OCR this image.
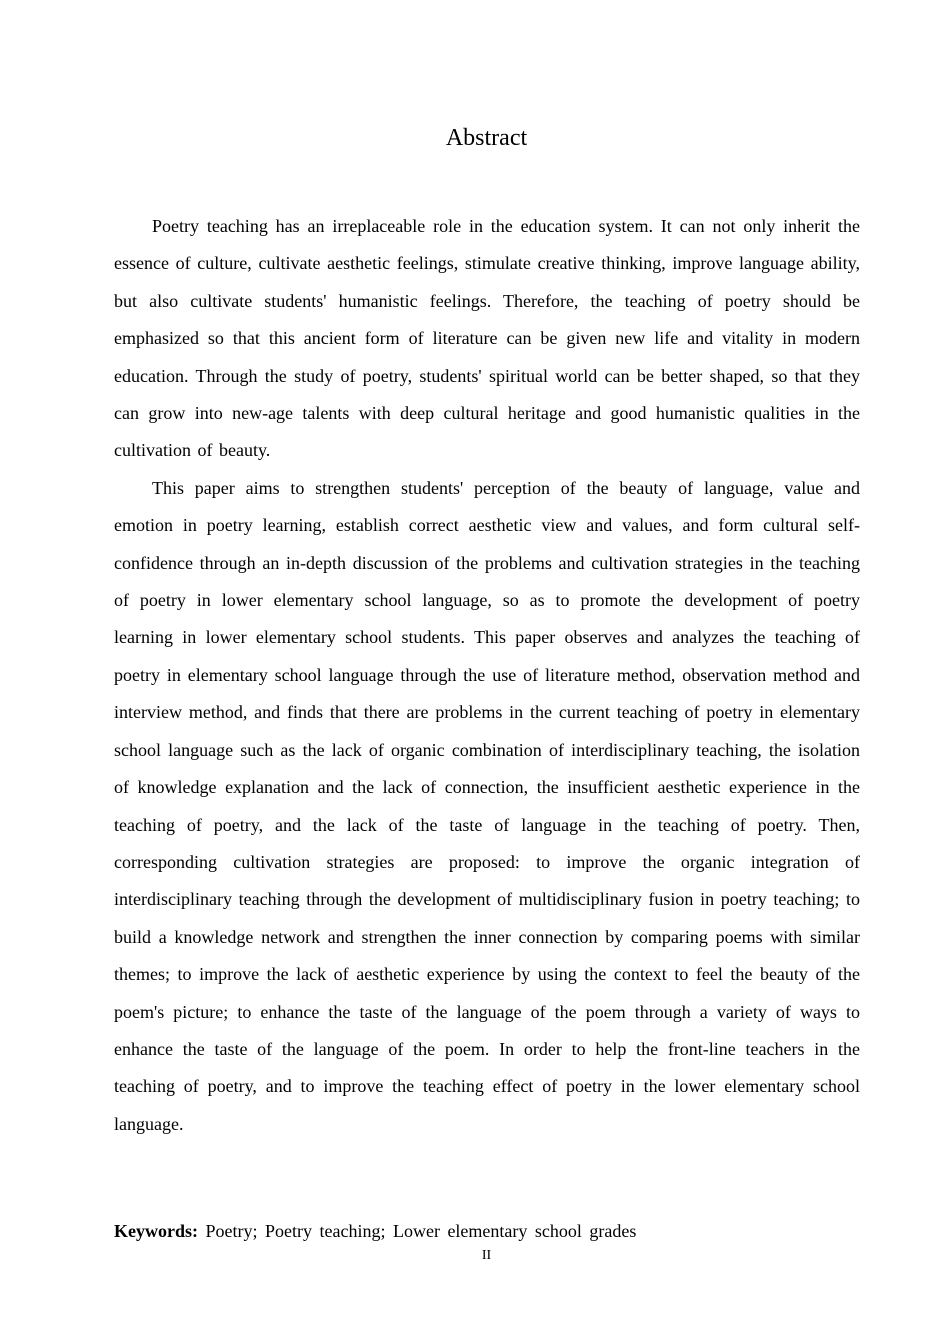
Abstract

Poetry teaching has an irreplaceable role in the education system. It can not only inherit the essence of culture, cultivate aesthetic feelings, stimulate creative thinking, improve language ability, but also cultivate students' humanistic feelings. Therefore, the teaching of poetry should be emphasized so that this ancient form of literature can be given new life and vitality in modern education. Through the study of poetry, students' spiritual world can be better shaped, so that they can grow into new-age talents with deep cultural heritage and good humanistic qualities in the cultivation of beauty.

This paper aims to strengthen students' perception of the beauty of language, value and emotion in poetry learning, establish correct aesthetic view and values, and form cultural self-confidence through an in-depth discussion of the problems and cultivation strategies in the teaching of poetry in lower elementary school language, so as to promote the development of poetry learning in lower elementary school students. This paper observes and analyzes the teaching of poetry in elementary school language through the use of literature method, observation method and interview method, and finds that there are problems in the current teaching of poetry in elementary school language such as the lack of organic combination of interdisciplinary teaching, the isolation of knowledge explanation and the lack of connection, the insufficient aesthetic experience in the teaching of poetry, and the lack of the taste of language in the teaching of poetry. Then, corresponding cultivation strategies are proposed: to improve the organic integration of interdisciplinary teaching through the development of multidisciplinary fusion in poetry teaching; to build a knowledge network and strengthen the inner connection by comparing poems with similar themes; to improve the lack of aesthetic experience by using the context to feel the beauty of the poem's picture; to enhance the taste of the language of the poem through a variety of ways to enhance the taste of the language of the poem. In order to help the front-line teachers in the teaching of poetry, and to improve the teaching effect of poetry in the lower elementary school language.

Keywords: Poetry; Poetry teaching; Lower elementary school grades
II
